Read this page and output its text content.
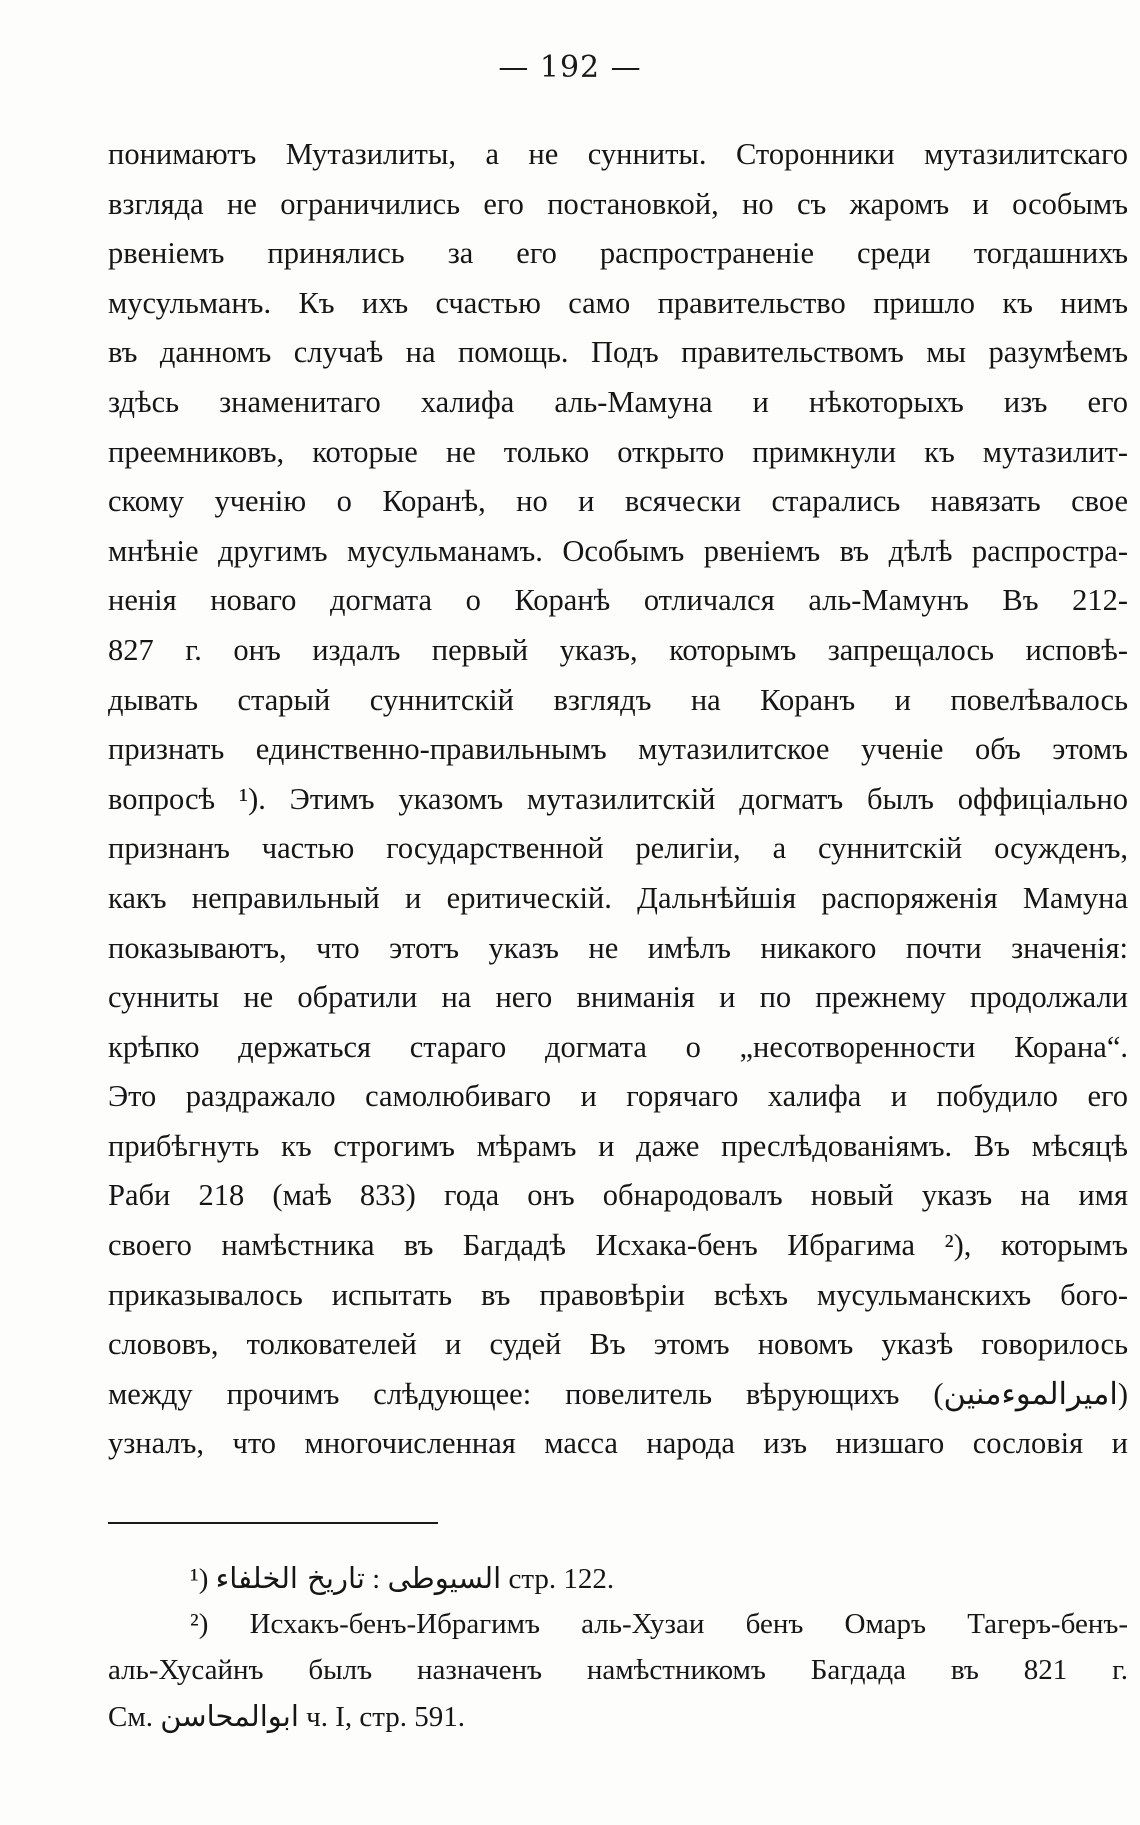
— 192 —
понимаютъ Мутазилиты, а не сунниты. Сторонники мутазилитскаго
взгляда не ограничились его постановкой, но съ жаромъ и особымъ
рвеніемъ принялись за его распространеніе среди тогдашнихъ
мусульманъ. Къ ихъ счастью само правительство пришло къ нимъ
въ данномъ случаѣ на помощь. Подъ правительствомъ мы разумѣемъ
здѣсь знаменитаго халифа аль-Мамуна и нѣкоторыхъ изъ его
преемниковъ, которые не только открыто примкнули къ мутазилит-
скому ученію о Коранѣ, но и всячески старались навязать свое
мнѣніе другимъ мусульманамъ. Особымъ рвеніемъ въ дѣлѣ распростра-
ненія новаго догмата о Коранѣ отличался аль-Мамунъ Въ 212-
827 г. онъ издалъ первый указъ, которымъ запрещалось исповѣ-
дывать старый суннитскій взглядъ на Коранъ и повелѣвалось
признать единственно-правильнымъ мутазилитское ученіе объ этомъ
вопросѣ ¹). Этимъ указомъ мутазилитскій догматъ былъ оффиціально
признанъ частью государственной религіи, а суннитскій осужденъ,
какъ неправильный и еритическій. Дальнѣйшія распоряженія Мамуна
показываютъ, что этотъ указъ не имѣлъ никакого почти значенія:
сунниты не обратили на него вниманія и по прежнему продолжали
крѣпко держаться стараго догмата о „несотворенности Корана“.
Это раздражало самолюбиваго и горячаго халифа и побудило его
прибѣгнуть къ строгимъ мѣрамъ и даже преслѣдованіямъ. Въ мѣсяцѣ
Раби 218 (маѣ 833) года онъ обнародовалъ новый указъ на имя
своего намѣстника въ Багдадѣ Исхака-бенъ Ибрагима ²), которымъ
приказывалось испытать въ правовѣріи всѣхъ мусульманскихъ бого-
слововъ, толкователей и судей Въ этомъ новомъ указѣ говорилось
между прочимъ слѣдующее: повелитель вѣрующихъ (اميرالموءمنين)
узналъ, что многочисленная масса народа изъ низшаго сословія и
¹)	السيوطى : تاريخ الخلفاء	стр. 122.
²) Исхакъ-бенъ-Ибрагимъ аль-Хузаи бенъ Омаръ Тагеръ-бенъ-
аль-Хусайнъ былъ назначенъ намѣстникомъ Багдада въ 821 г.
См. ابوالمحاسن ч. I, стр. 591.
